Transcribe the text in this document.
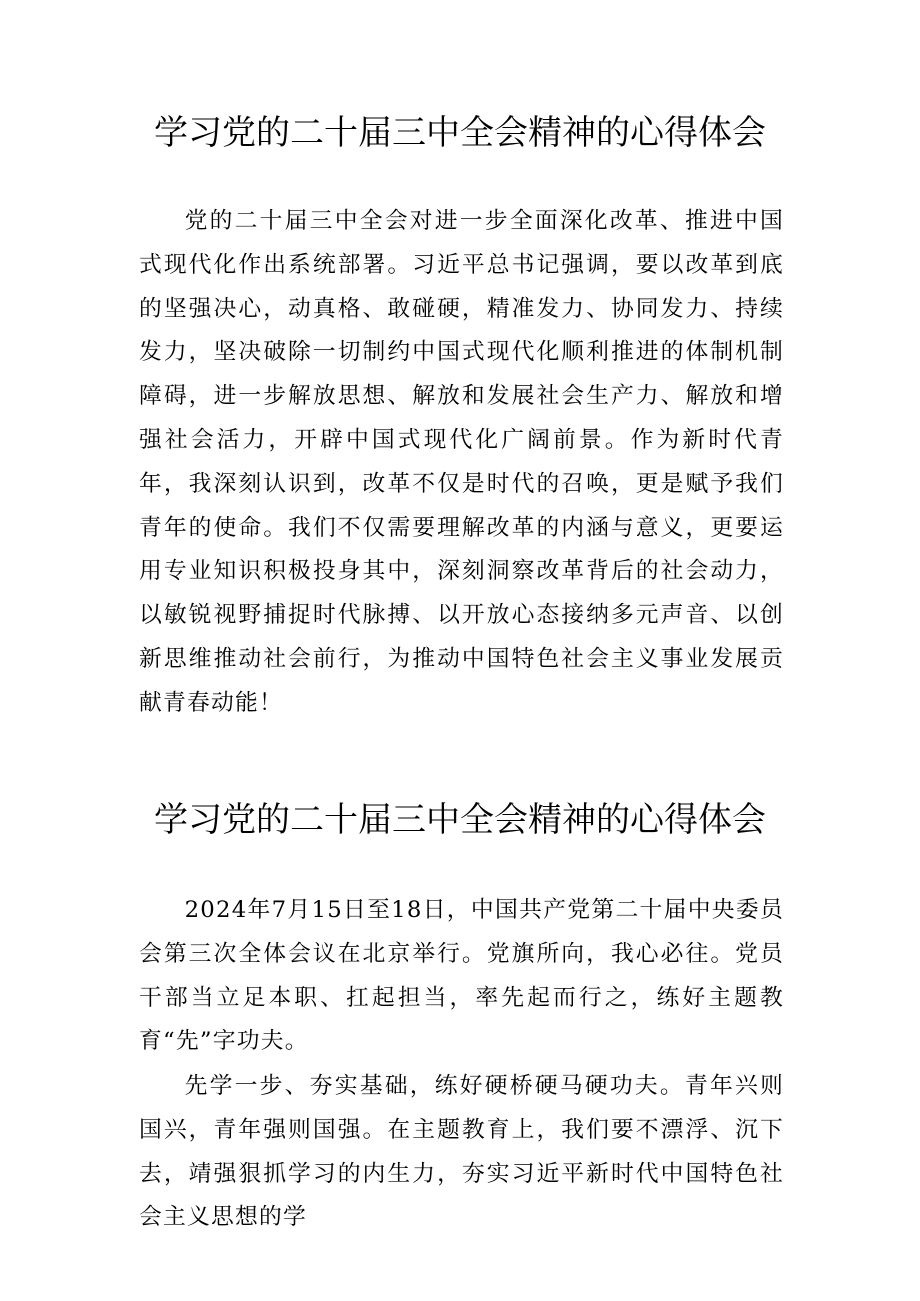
学习党的二十届三中全会精神的心得体会

党的二十届三中全会对进一步全面深化改革、推进中国式现代化作出系统部署。习近平总书记强调，要以改革到底的坚强决心，动真格、敢碰硬，精准发力、协同发力、持续发力，坚决破除一切制约中国式现代化顺利推进的体制机制障碍，进一步解放思想、解放和发展社会生产力、解放和增强社会活力，开辟中国式现代化广阔前景。作为新时代青年，我深刻认识到，改革不仅是时代的召唤，更是赋予我们青年的使命。我们不仅需要理解改革的内涵与意义，更要运用专业知识积极投身其中，深刻洞察改革背后的社会动力，以敏锐视野捕捉时代脉搏、以开放心态接纳多元声音、以创新思维推动社会前行，为推动中国特色社会主义事业发展贡献青春动能！

学习党的二十届三中全会精神的心得体会

2024年7月15日至18日，中国共产党第二十届中央委员会第三次全体会议在北京举行。党旗所向，我心必往。党员干部当立足本职、扛起担当，率先起而行之，练好主题教育“先”字功夫。

先学一步、夯实基础，练好硬桥硬马硬功夫。青年兴则国兴，青年强则国强。在主题教育上，我们要不漂浮、沉下去，靖强狠抓学习的内生力，夯实习近平新时代中国特色社会主义思想的学
